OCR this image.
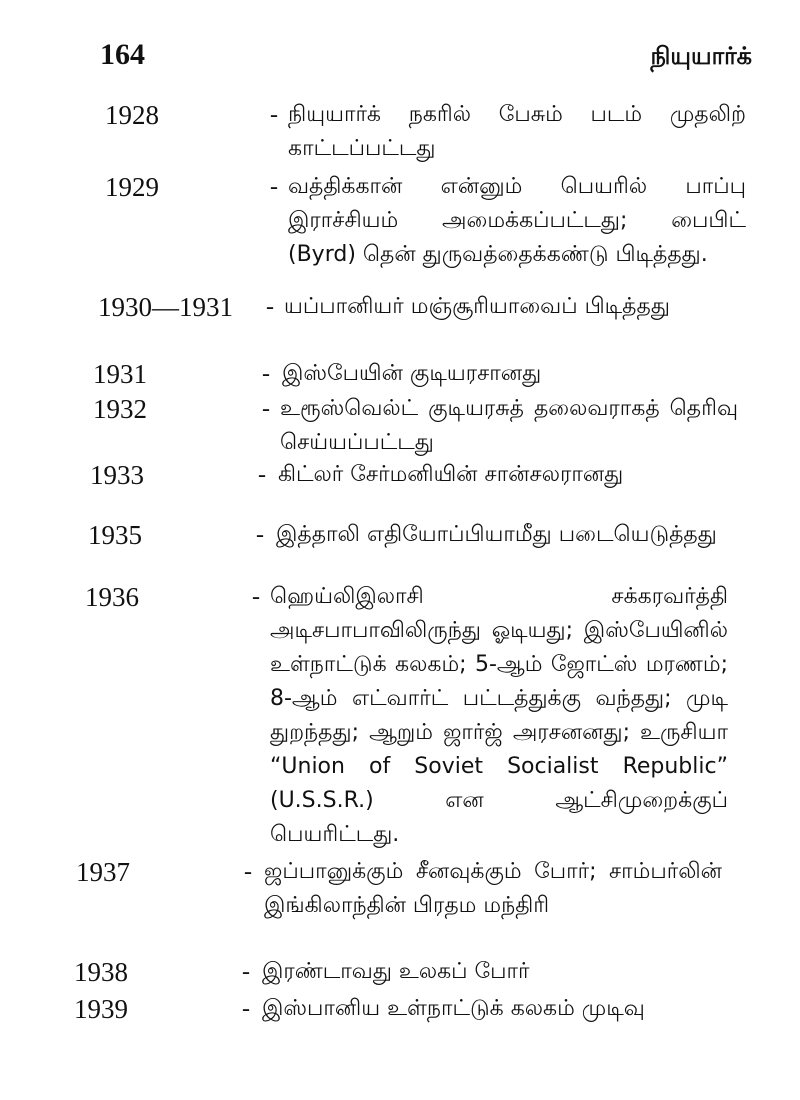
164	நியுயார்க்
1928	- நியுயார்க் நகரில் பேசும் படம் முதலிற் காட்டப்பட்டது
1929	- வத்திக்கான் என்னும் பெயரில் பாப்பு இராச்சியம் அமைக்கப்பட்டது; பைபிட் (Byrd) தென் துருவத்தைக்கண்டு பிடித்தது.
1930—1931 - யப்பானியர் மஞ்சூரியாவைப் பிடித்தது
1931	- இஸ்பேயின் குடியரசானது
1932	- உரூஸ்வெல்ட் குடியரசுத் தலைவராகத் தெரிவு செய்யப்பட்டது
1933	- கிட்லர் சேர்மனியின் சான்சலரானது
1935	- இத்தாலி எதியோப்பியாமீது படையெடுத்தது
1936	- ஹெய்லிஇலாசி சக்கரவர்த்தி அடிசபாபாவிலிருந்து ஓடியது; இஸ்பேயினில் உள்நாட்டுக் கலகம்; 5-ஆம் ஜோட்ஸ் மரணம்; 8-ஆம் எட்வார்ட் பட்டத்துக்கு வந்தது; முடி துறந்தது; ஆறும் ஜார்ஜ் அரசனனது; உருசியா “Union of Soviet Socialist Republic” (U.S.S.R.) என ஆட்சிமுறைக்குப் பெயரிட்டது.
1937	- ஜப்பானுக்கும் சீனவுக்கும் போர்; சாம்பர்லின் இங்கிலாந்தின் பிரதம மந்திரி
1938	- இரண்டாவது உலகப் போர்
1939	- இஸ்பானிய உள்நாட்டுக் கலகம் முடிவு
